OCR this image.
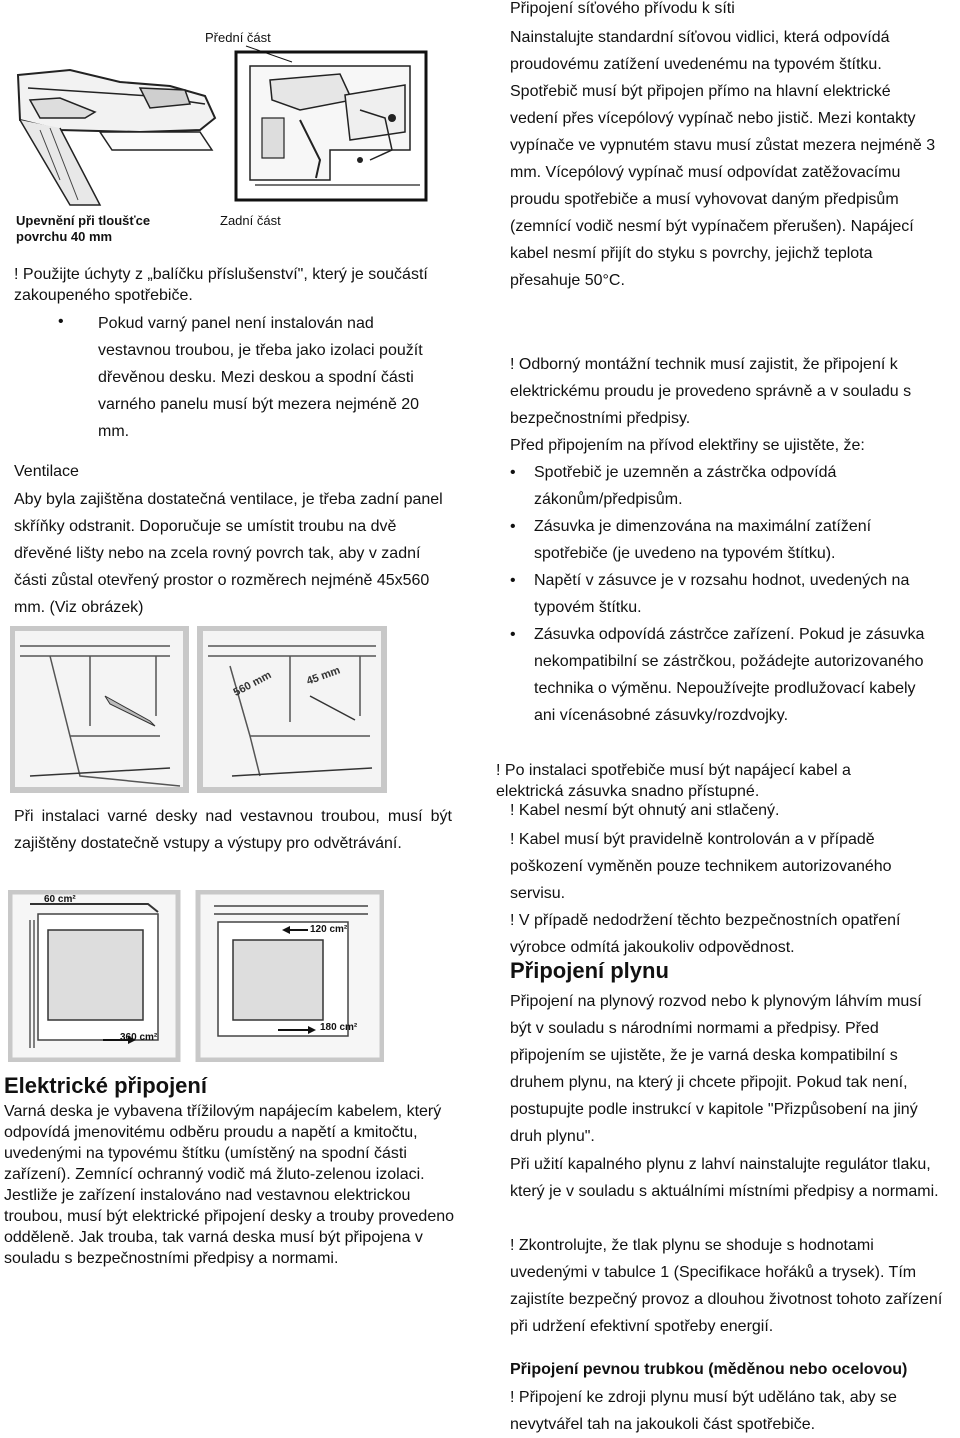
Přední část
Upevnění při tloušťce
povrchu 40 mm
Zadní část
! Použijte úchyty z „balíčku příslušenství", který je součástí zakoupeného spotřebiče.
• Pokud varný panel není instalován nad vestavnou troubou, je třeba jako izolaci použít dřevěnou desku. Mezi deskou a spodní části varného panelu musí být mezera nejméně 20 mm.
Ventilace
Aby byla zajištěna dostatečná ventilace, je třeba zadní panel skříňky odstranit. Doporučuje se umístit troubu na dvě dřevěné lišty nebo na zcela rovný povrch tak, aby v zadní části zůstal otevřený prostor o rozměrech nejméně 45x560 mm. (Viz obrázek)
560 mm	45 mm
Při instalaci varné desky nad vestavnou troubou, musí být zajištěny dostatečně vstupy a výstupy pro odvětrávání.
60 cm²
360 cm²
120 cm²
180 cm²
Elektrické připojení
Varná deska je vybavena třížilovým napájecím kabelem, který odpovídá jmenovitému odběru proudu a napětí a kmitočtu, uvedenými na typovému štítku (umístěný na spodní části zařízení). Zemnící ochranný vodič má žluto-zelenou izolaci. Jestliže je zařízení instalováno nad vestavnou elektrickou troubou, musí být elektrické připojení desky a trouby provedeno odděleně. Jak trouba, tak varná deska musí být připojena v souladu s bezpečnostními předpisy a normami.
Připojení síťového přívodu k síti
Nainstalujte standardní síťovou vidlici, která odpovídá proudovému zatížení uvedenému na typovém štítku. Spotřebič musí být připojen přímo na hlavní elektrické vedení přes vícepólový vypínač nebo jistič. Mezi kontakty vypínače ve vypnutém stavu musí zůstat mezera nejméně 3 mm. Vícepólový vypínač musí odpovídat zatěžovacímu proudu spotřebiče a musí vyhovovat daným předpisům (zemnící vodič nesmí být vypínačem přerušen). Napájecí kabel nesmí přijít do styku s povrchy, jejichž teplota přesahuje 50°C.
! Odborný montážní technik musí zajistit, že připojení k elektrickému proudu je provedeno správně a v souladu s bezpečnostními předpisy.
Před připojením na přívod elektřiny se ujistěte, že:
• Spotřebič je uzemněn a zástrčka odpovídá zákonům/předpisům.
• Zásuvka je dimenzována na maximální zatížení spotřebiče (je uvedeno na typovém štítku).
• Napětí v zásuvce je v rozsahu hodnot, uvedených na typovém štítku.
• Zásuvka odpovídá zástrčce zařízení. Pokud je zásuvka nekompatibilní se zástrčkou, požádejte autorizovaného technika o výměnu. Nepoužívejte prodlužovací kabely ani vícenásobné zásuvky/rozdvojky.
! Po instalaci spotřebiče musí být napájecí kabel a elektrická zásuvka snadno přístupné.
! Kabel nesmí být ohnutý ani stlačený.
! Kabel musí být pravidelně kontrolován a v případě poškození vyměněn pouze technikem autorizovaného servisu.
! V případě nedodržení těchto bezpečnostních opatření výrobce odmítá jakoukoliv odpovědnost.
Připojení plynu
Připojení na plynový rozvod nebo k plynovým láhvím musí být v souladu s národními normami a předpisy. Před připojením se ujistěte, že je varná deska kompatibilní s druhem plynu, na který ji chcete připojit. Pokud tak není, postupujte podle instrukcí v kapitole "Přizpůsobení na jiný druh plynu".
Při užití kapalného plynu z lahví nainstalujte regulátor tlaku, který je v souladu s aktuálními místními předpisy a normami.
! Zkontrolujte, že tlak plynu se shoduje s hodnotami uvedenými v tabulce 1 (Specifikace hořáků a trysek). Tím zajistíte bezpečný provoz a dlouhou životnost tohoto zařízení při udržení efektivní spotřeby energií.
Připojení pevnou trubkou (měděnou nebo ocelovou)
! Připojení ke zdroji plynu musí být uděláno tak, aby se nevytvářel tah na jakoukoli část spotřebiče.
